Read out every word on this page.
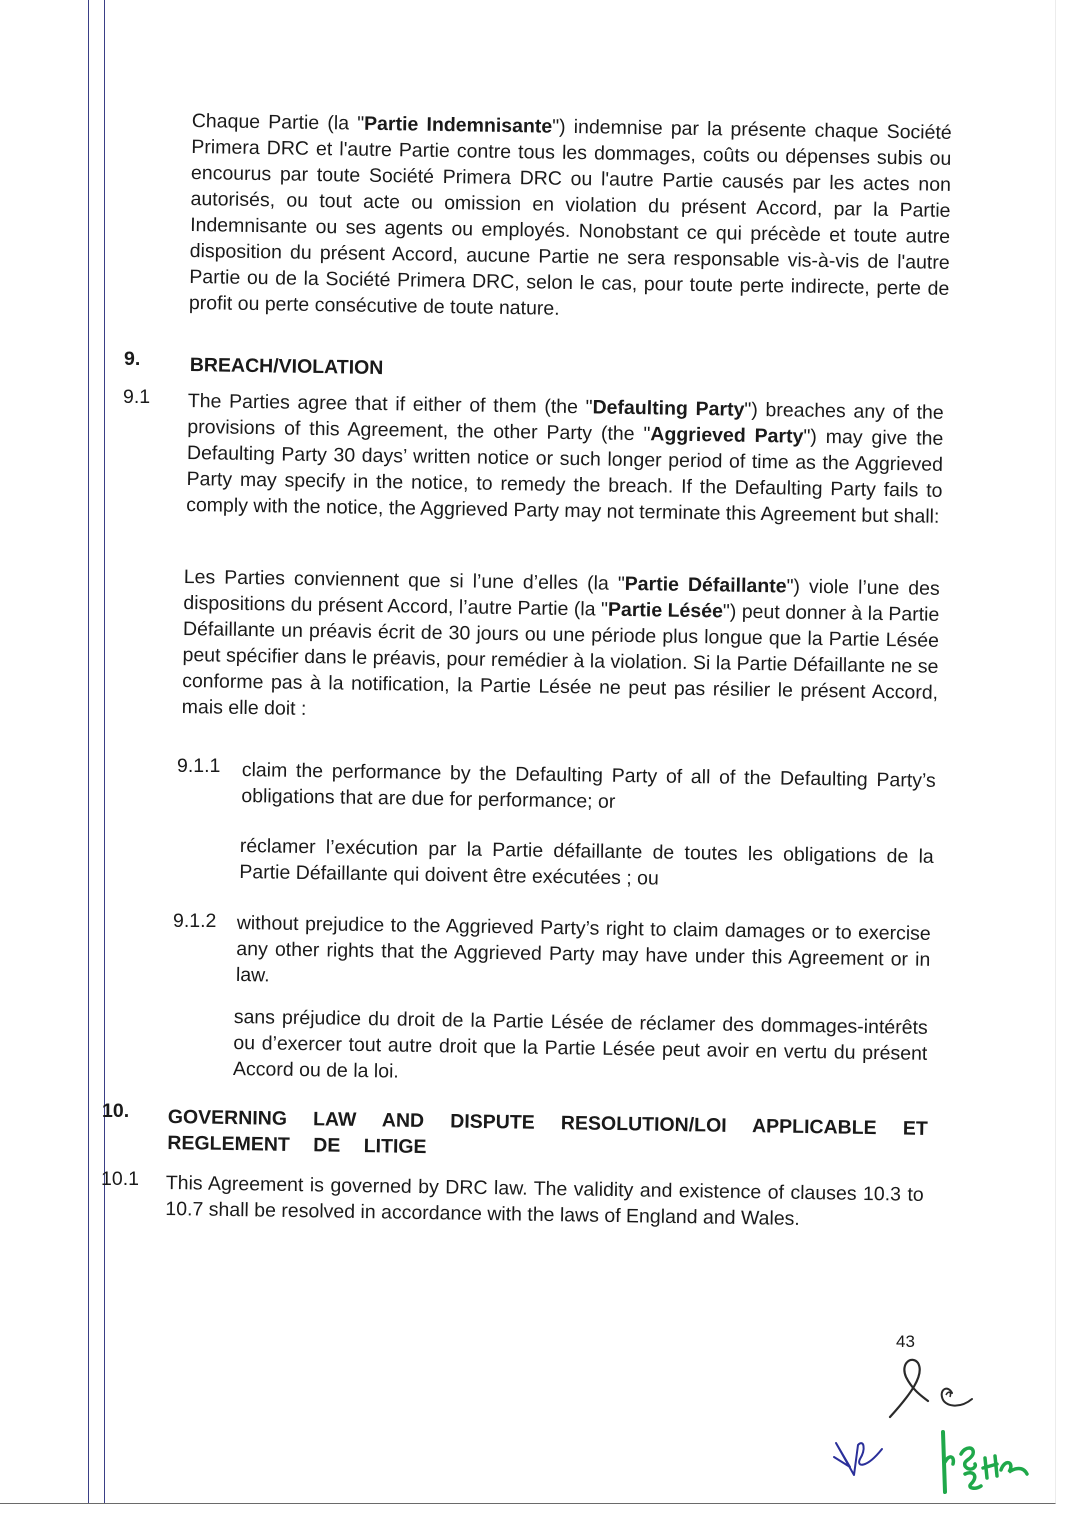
Chaque Partie (la "Partie Indemnisante") indemnise par la présente chaque Société Primera DRC et l'autre Partie contre tous les dommages, coûts ou dépenses subis ou encourus par toute Société Primera DRC ou l'autre Partie causés par les actes non autorisés, ou tout acte ou omission en violation du présent Accord, par la Partie Indemnisante ou ses agents ou employés. Nonobstant ce qui précède et toute autre disposition du présent Accord, aucune Partie ne sera responsable vis-à-vis de l'autre Partie ou de la Société Primera DRC, selon le cas, pour toute perte indirecte, perte de profit ou perte consécutive de toute nature.
9.	BREACH/VIOLATION
9.1 The Parties agree that if either of them (the "Defaulting Party") breaches any of the provisions of this Agreement, the other Party (the "Aggrieved Party") may give the Defaulting Party 30 days’ written notice or such longer period of time as the Aggrieved Party may specify in the notice, to remedy the breach. If the Defaulting Party fails to comply with the notice, the Aggrieved Party may not terminate this Agreement but shall:
Les Parties conviennent que si l’une d’elles (la "Partie Défaillante") viole l’une des dispositions du présent Accord, l’autre Partie (la "Partie Lésée") peut donner à la Partie Défaillante un préavis écrit de 30 jours ou une période plus longue que la Partie Lésée peut spécifier dans le préavis, pour remédier à la violation. Si la Partie Défaillante ne se conforme pas à la notification, la Partie Lésée ne peut pas résilier le présent Accord, mais elle doit :
9.1.1 claim the performance by the Defaulting Party of all of the Defaulting Party’s obligations that are due for performance; or
réclamer l’exécution par la Partie défaillante de toutes les obligations de la Partie Défaillante qui doivent être exécutées ; ou
9.1.2 without prejudice to the Aggrieved Party’s right to claim damages or to exercise any other rights that the Aggrieved Party may have under this Agreement or in law.
sans préjudice du droit de la Partie Lésée de réclamer des dommages-intérêts ou d’exercer tout autre droit que la Partie Lésée peut avoir en vertu du présent Accord ou de la loi.
10. GOVERNING LAW AND DISPUTE RESOLUTION/LOI APPLICABLE ET REGLEMENT DE LITIGE
10.1 This Agreement is governed by DRC law. The validity and existence of clauses 10.3 to 10.7 shall be resolved in accordance with the laws of England and Wales.
43
